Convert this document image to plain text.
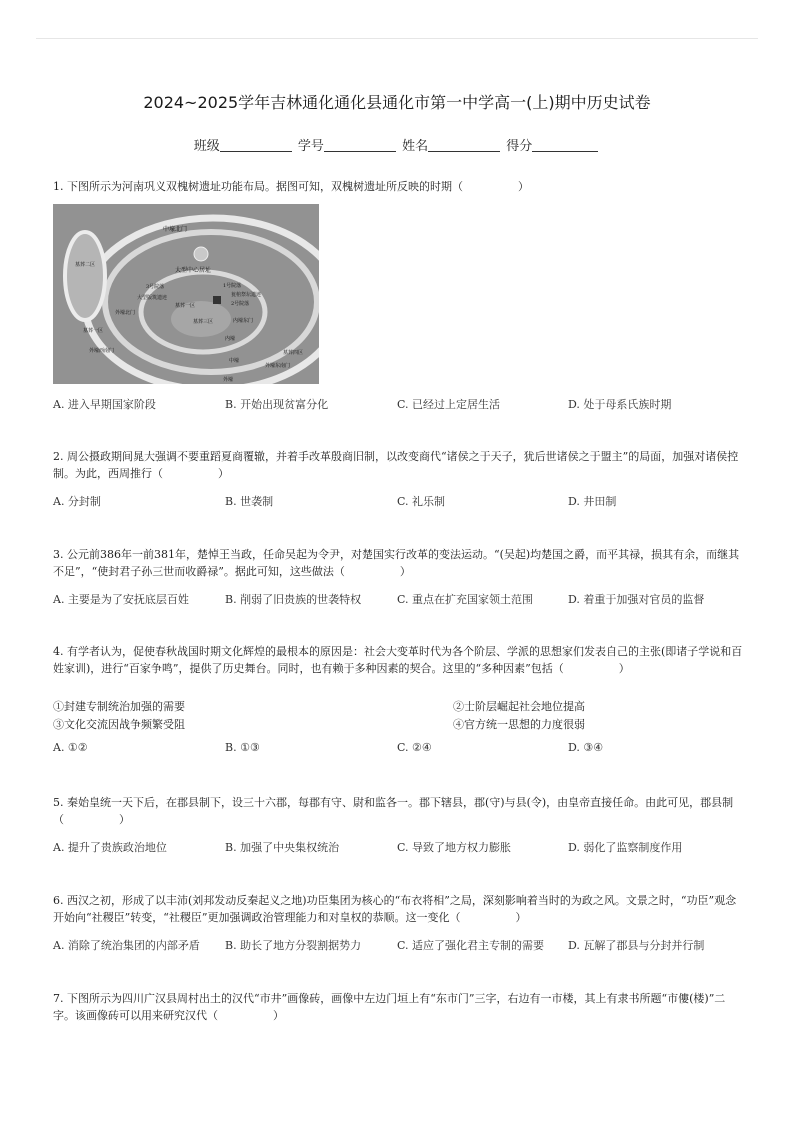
2024~2025学年吉林通化通化县通化市第一中学高一(上)期中历史试卷
班级	学号	姓名	得分
1. 下图所示为河南巩义双槐树遗址功能布局。据图可知，双槐树遗址所反映的时期（　　　　　）
中壕北门
大型中心居址
3号院落
大型版筑遗迹
1号院落
瓮棺祭坛遗迹
2号院落
墓葬一区
墓葬二区
墓葬三区
墓葬一区
墓葬四区
内壕东门
外壕北门
外壕西南门
外壕东南门
内壕
中壕
外壕
A. 进入早期国家阶段	B. 开始出现贫富分化	C. 已经过上定居生活	D. 处于母系氏族时期
2. 周公摄政期间晁大强调不要重蹈夏商覆辙，并着手改革殷商旧制，以改变商代“诸侯之于天子，犹后世诸侯之于盟主”的局面，加强对诸侯控制。为此，西周推行（　　　　　）
A. 分封制	B. 世袭制	C. 礼乐制	D. 井田制
3. 公元前386年一前381年，楚悼王当政，任命吴起为令尹，对楚国实行改革的变法运动。“(吴起)均楚国之爵，而平其禄，损其有余，而继其不足”，“使封君子孙三世而收爵禄”。据此可知，这些做法（　　　　　）
A. 主要是为了安抚底层百姓	B. 削弱了旧贵族的世袭特权	C. 重点在扩充国家领土范围	D. 着重于加强对官员的监督
4. 有学者认为，促使春秋战国时期文化辉煌的最根本的原因是：社会大变革时代为各个阶层、学派的思想家们发表自己的主张(即诸子学说和百姓家训)，进行“百家争鸣”，提供了历史舞台。同时，也有赖于多种因素的契合。这里的“多种因素”包括（　　　　　）
①封建专制统治加强的需要	②士阶层崛起社会地位提高
③文化交流因战争频繁受阻	④官方统一思想的力度很弱
A. ①②	B. ①③	C. ②④	D. ③④
5. 秦始皇统一天下后，在郡县制下，设三十六郡，每郡有守、尉和监各一。郡下辖县，郡(守)与县(令)，由皇帝直接任命。由此可见，郡县制（　　　　　）
A. 提升了贵族政治地位	B. 加强了中央集权统治	C. 导致了地方权力膨胀	D. 弱化了监察制度作用
6. 西汉之初，形成了以丰沛(刘邦发动反秦起义之地)功臣集团为核心的“布衣将相”之局，深刻影响着当时的为政之风。文景之时，“功臣”观念开始向“社稷臣”转变，“社稷臣”更加强调政治管理能力和对皇权的恭顺。这一变化（　　　　　）
A. 消除了统治集团的内部矛盾 B. 助长了地方分裂割据势力	C. 适应了强化君主专制的需要 D. 瓦解了郡县与分封并行制
7. 下图所示为四川广汉县周村出土的汉代“市井”画像砖，画像中左边门垣上有“东市门”三字，右边有一市楼，其上有隶书所题“市僂(楼)”二字。该画像砖可以用来研究汉代（　　　　　）
